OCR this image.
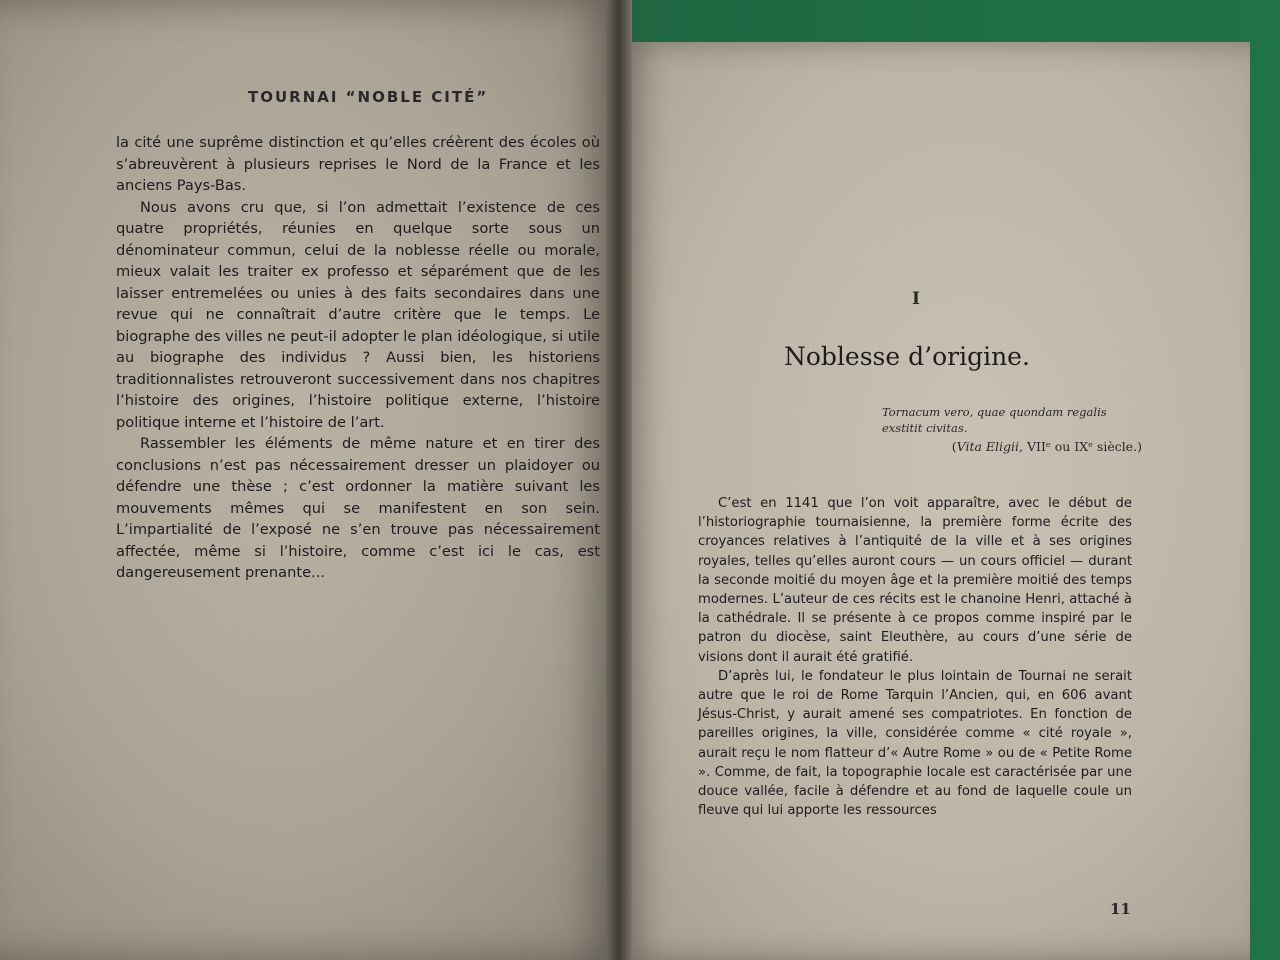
TOURNAI “NOBLE CITÉ”

la cité une suprême distinction et qu’elles créèrent des écoles où s’abreuvèrent à plusieurs reprises le Nord de la France et les anciens Pays-Bas.

Nous avons cru que, si l’on admettait l’existence de ces quatre propriétés, réunies en quelque sorte sous un dénominateur commun, celui de la noblesse réelle ou morale, mieux valait les traiter ex professo et séparément que de les laisser entremelées ou unies à des faits secondaires dans une revue qui ne connaîtrait d’autre critère que le temps. Le biographe des villes ne peut-il adopter le plan idéologique, si utile au biographe des individus ? Aussi bien, les historiens traditionnalistes retrouveront successivement dans nos chapitres l’histoire des origines, l’histoire politique externe, l’histoire politique interne et l’histoire de l’art.

Rassembler les éléments de même nature et en tirer des conclusions n’est pas nécessairement dresser un plaidoyer ou défendre une thèse ; c’est ordonner la matière suivant les mouvements mêmes qui se manifestent en son sein. L’impartialité de l’exposé ne s’en trouve pas nécessairement affectée, même si l’histoire, comme c’est ici le cas, est dangereusement prenante...

I
Noblesse d’origine.
Tornacum vero, quae quondam regalis
exstitit civitas.
(Vita Eligii, VIIᵉ ou IXᵉ siècle.)

C’est en 1141 que l’on voit apparaître, avec le début de l’historiographie tournaisienne, la première forme écrite des croyances relatives à l’antiquité de la ville et à ses origines royales, telles qu’elles auront cours — un cours officiel — durant la seconde moitié du moyen âge et la première moitié des temps modernes. L’auteur de ces récits est le chanoine Henri, attaché à la cathédrale. Il se présente à ce propos comme inspiré par le patron du diocèse, saint Eleuthère, au cours d’une série de visions dont il aurait été gratifié.

D’après lui, le fondateur le plus lointain de Tournai ne serait autre que le roi de Rome Tarquin l’Ancien, qui, en 606 avant Jésus-Christ, y aurait amené ses compatriotes. En fonction de pareilles origines, la ville, considérée comme « cité royale », aurait reçu le nom flatteur d’« Autre Rome » ou de « Petite Rome ». Comme, de fait, la topographie locale est caractérisée par une douce vallée, facile à défendre et au fond de laquelle coule un fleuve qui lui apporte les ressources

11
